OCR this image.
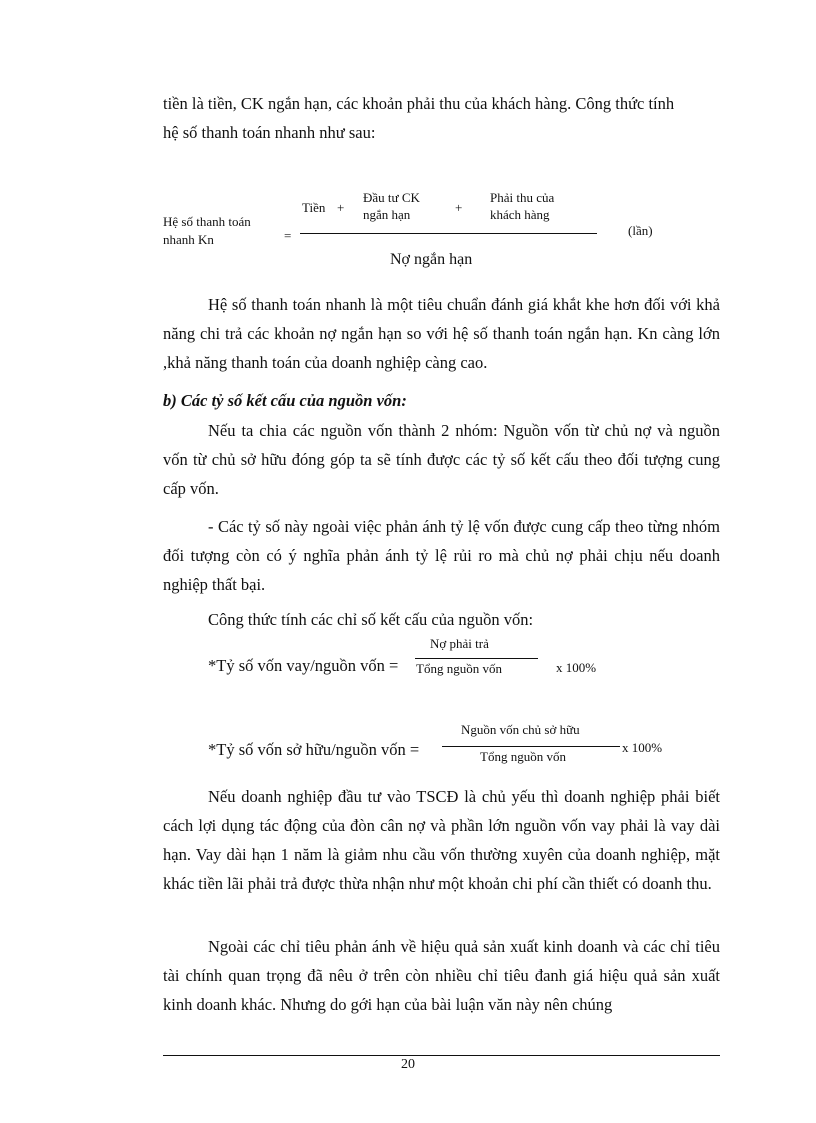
tiền là tiền, CK ngắn hạn, các khoản phải thu của khách hàng. Công thức tính
hệ số thanh toán nhanh như sau:
Hệ số thanh toán
nhanh Kn	=
Tiền +
Đầu tư CK
ngắn hạn	+
Phải thu của
khách hàng
Nợ ngắn hạn
(lần)

Hệ số thanh toán nhanh là một tiêu chuẩn đánh giá khắt khe hơn đối với khả năng chi trả các khoản nợ ngắn hạn so với hệ số thanh toán ngắn hạn. Kn càng lớn ,khả năng thanh toán của doanh nghiệp càng cao.

b) Các tỷ số kết cấu của nguồn vốn:

Nếu ta chia các nguồn vốn thành 2 nhóm: Nguồn vốn từ chủ nợ và nguồn vốn từ chủ sở hữu đóng góp ta sẽ tính được các tỷ số kết cấu theo đối tượng cung cấp vốn.

- Các tỷ số này ngoài việc phản ánh tỷ lệ vốn được cung cấp theo từng nhóm đối tượng còn có ý nghĩa phản ánh tỷ lệ rủi ro mà chủ nợ phải chịu nếu doanh nghiệp thất bại.

Công thức tính các chỉ số kết cấu của nguồn vốn:
*Tỷ số vốn vay/nguồn vốn =
Nợ phải trả
Tổng nguồn vốn	x 100%
*Tỷ số vốn sở hữu/nguồn vốn =
Nguồn vốn chủ sở hữu
Tổng nguồn vốn
x 100%

Nếu doanh nghiệp đầu tư vào TSCĐ là chủ yếu thì doanh nghiệp phải biết cách lợi dụng tác động của đòn cân nợ và phần lớn nguồn vốn vay phải là vay dài hạn. Vay dài hạn 1 năm là giảm nhu cầu vốn thường xuyên của doanh nghiệp, mặt khác tiền lãi phải trả được thừa nhận như một khoản chi phí cần thiết có doanh thu.

Ngoài các chỉ tiêu phản ánh về hiệu quả sản xuất kinh doanh và các chỉ tiêu tài chính quan trọng đã nêu ở trên còn nhiều chỉ tiêu đanh giá hiệu quả sản xuất kinh doanh khác. Nhưng do gới hạn của bài luận văn này nên chúng

20
